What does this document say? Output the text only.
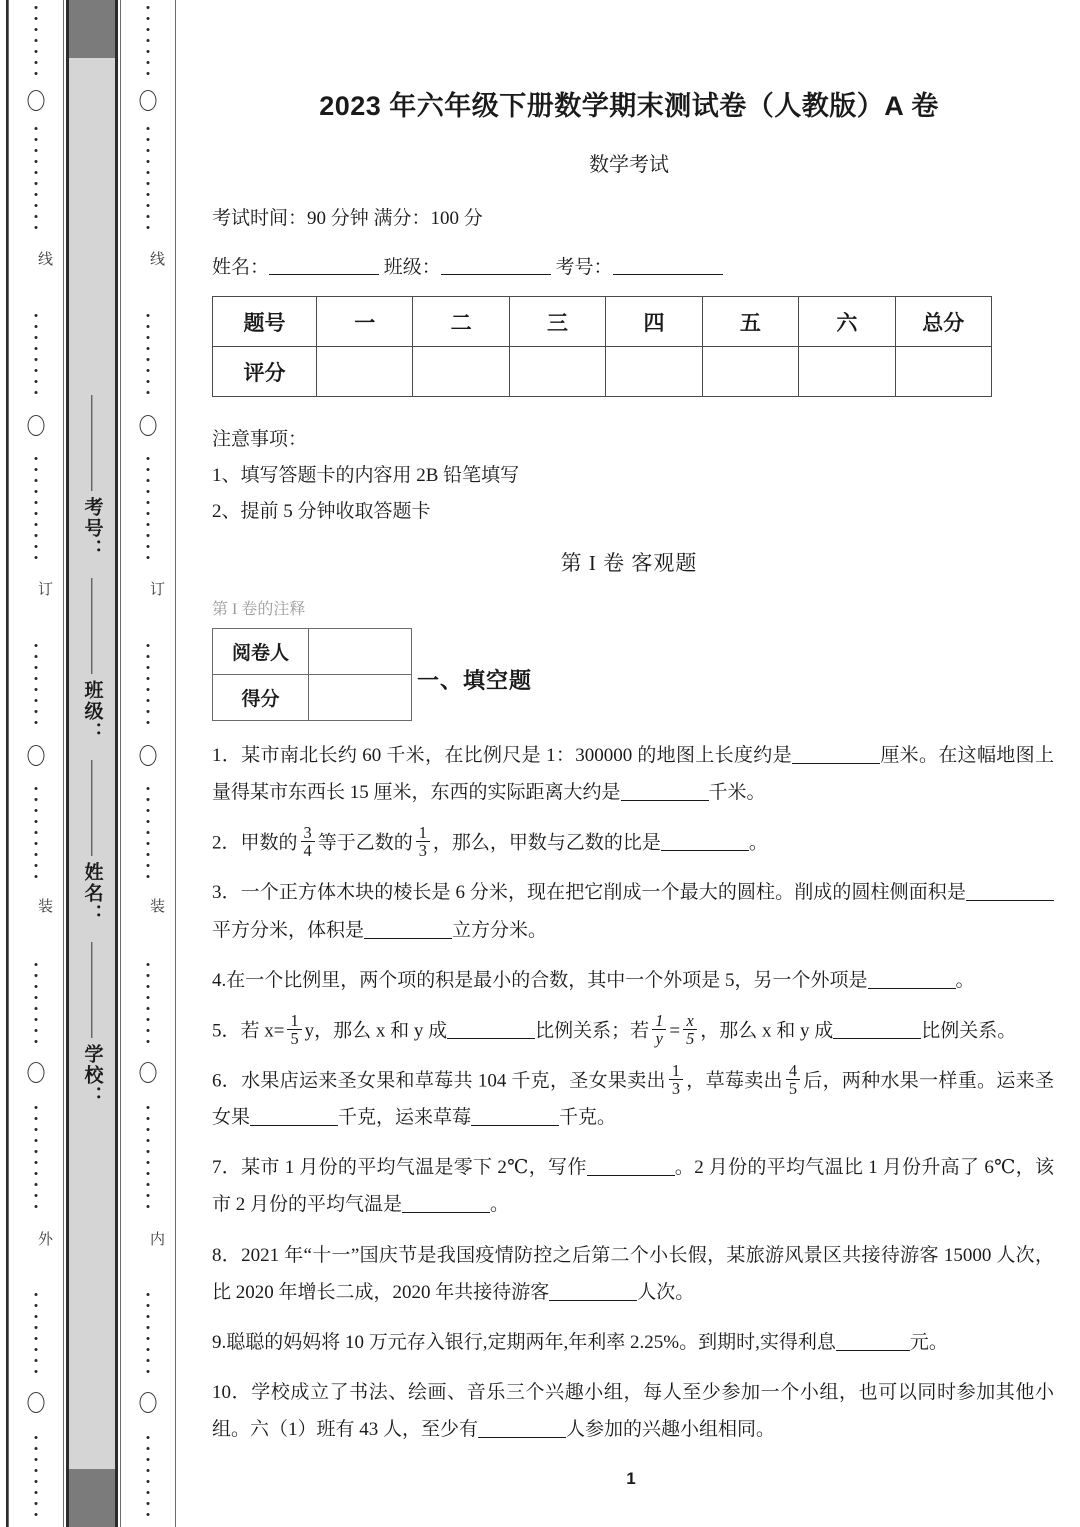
线
订
装
外
考号：
班级：
姓名：
学校：
线
订
装
内
2023 年六年级下册数学期末测试卷（人教版）A 卷
数学考试
考试时间：90 分钟 满分：100 分
姓名：	班级：	考号：
题号	一	二	三	四	五	六	总分
评分							
注意事项：
1、填写答题卡的内容用 2B 铅笔填写
2、提前 5 分钟收取答题卡
第 I 卷 客观题
第 I 卷的注释
阅卷人	
得分	
一、填空题
1．某市南北长约 60 千米，在比例尺是 1：300000 的地图上长度约是	厘米。在这幅地图上量得某市东西长 15 厘米，东西的实际距离大约是	千米。
2．甲数的 $\frac{3}{4}$ 等于乙数的 $\frac{1}{3}$ ，那么，甲数与乙数的比是	。
3．一个正方体木块的棱长是 6 分米，现在把它削成一个最大的圆柱。削成的圆柱侧面积是平方分米，体积是	立方分米。
4.在一个比例里，两个项的积是最小的合数，其中一个外项是 5，另一个外项是	。
5．若 $x= \frac{1}{5}$ y，那么 x 和 y 成	比例关系；若 $\frac{1}{y} = \frac{x}{5}$ ，那么 x 和 y 成	比例关系。
6．水果店运来圣女果和草莓共 104 千克，圣女果卖出 $\frac{1}{3}$ ，草莓卖出 $\frac{4}{5}$ 后，两种水果一样重。运来圣女果	千克，运来草莓	千克。
7．某市 1 月份的平均气温是零下 2℃，写作	。2 月份的平均气温比 1 月份升高了 6℃，该市 2 月份的平均气温是	。
8．2021 年“十一”国庆节是我国疫情防控之后第二个小长假，某旅游风景区共接待游客 15000 人次，比 2020 年增长二成，2020 年共接待游客	人次。
9.聪聪的妈妈将 10 万元存入银行,定期两年,年利率 2.25%。到期时,实得利息	元。
10．学校成立了书法、绘画、音乐三个兴趣小组，每人至少参加一个小组，也可以同时参加其他小组。六（1）班有 43 人，至少有	人参加的兴趣小组相同。
1
